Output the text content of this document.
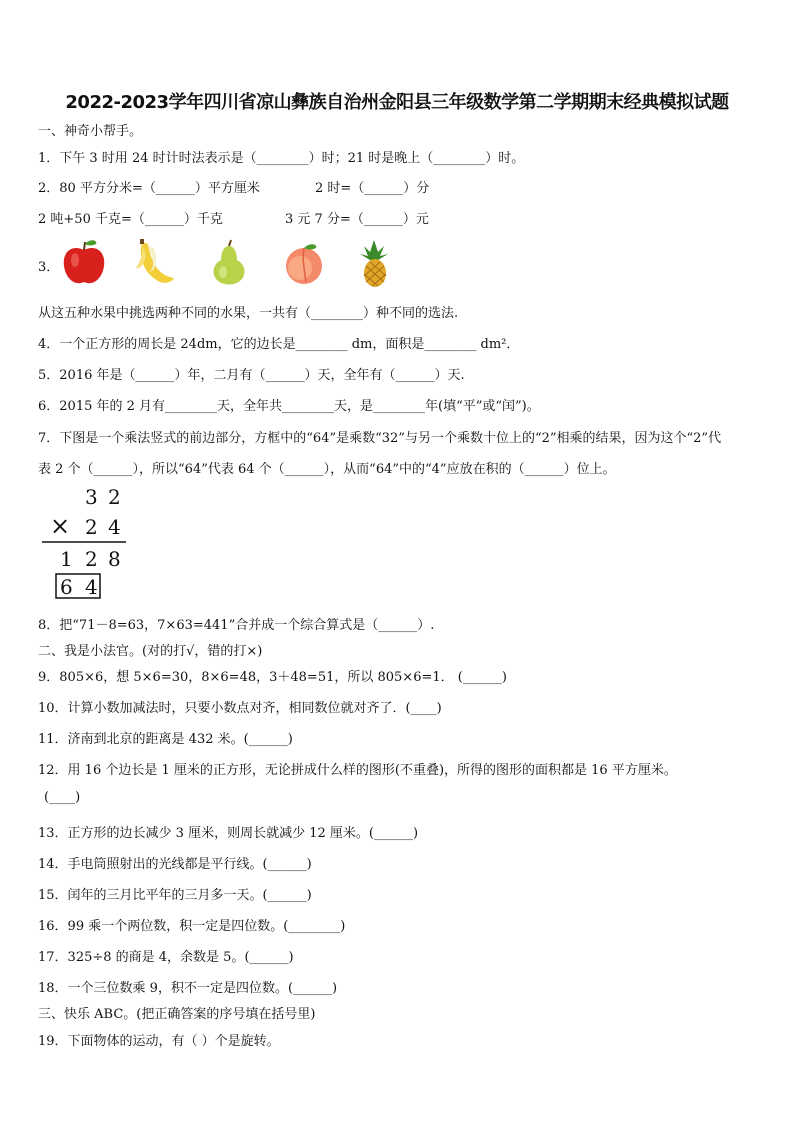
2022-2023学年四川省凉山彝族自治州金阳县三年级数学第二学期期末经典模拟试题
一、神奇小帮手。
1．下午 3 时用 24 时计时法表示是（________）时；21 时是晚上（________）时。
2．80 平方分米=（______）平方厘米	2 时=（______）分
2 吨+50 千克=（______）千克	3 元 7 分=（______）元
3．
从这五种水果中挑选两种不同的水果，一共有（________）种不同的选法.
4．一个正方形的周长是 24dm，它的边长是________ dm，面积是________ dm²．
5．2016 年是（______）年，二月有（______）天，全年有（______）天.
6．2015 年的 2 月有________天，全年共________天，是________年(填“平”或“闰”)。
7．下图是一个乘法竖式的前边部分，方框中的“64”是乘数“32”与另一个乘数十位上的“2”相乘的结果，因为这个“2”代
表 2 个（______），所以“64”代表 64 个（______），从而“64”中的“4”应放在积的（______）位上。
3 2
× 2 4
1 2 8
6 4
8．把“71－8=63，7×63=441”合并成一个综合算式是（______）.
二、我是小法官。(对的打√，错的打×)
9．805×6，想 5×6=30，8×6=48，3＋48=51，所以 805×6=1． (______)
10．计算小数加减法时，只要小数点对齐，相同数位就对齐了．(____)
11．济南到北京的距离是 432 米。(______)
12．用 16 个边长是 1 厘米的正方形，无论拼成什么样的图形(不重叠)，所得的图形的面积都是 16 平方厘米。
(____)
13．正方形的边长减少 3 厘米，则周长就减少 12 厘米。(______)
14．手电筒照射出的光线都是平行线。(______)
15．闰年的三月比平年的三月多一天。(______)
16．99 乘一个两位数，积一定是四位数。(________)
17．325÷8 的商是 4，余数是 5。(______)
18．一个三位数乘 9，积不一定是四位数。(______)
三、快乐 ABC。(把正确答案的序号填在括号里)
19．下面物体的运动，有（ ）个是旋转。
